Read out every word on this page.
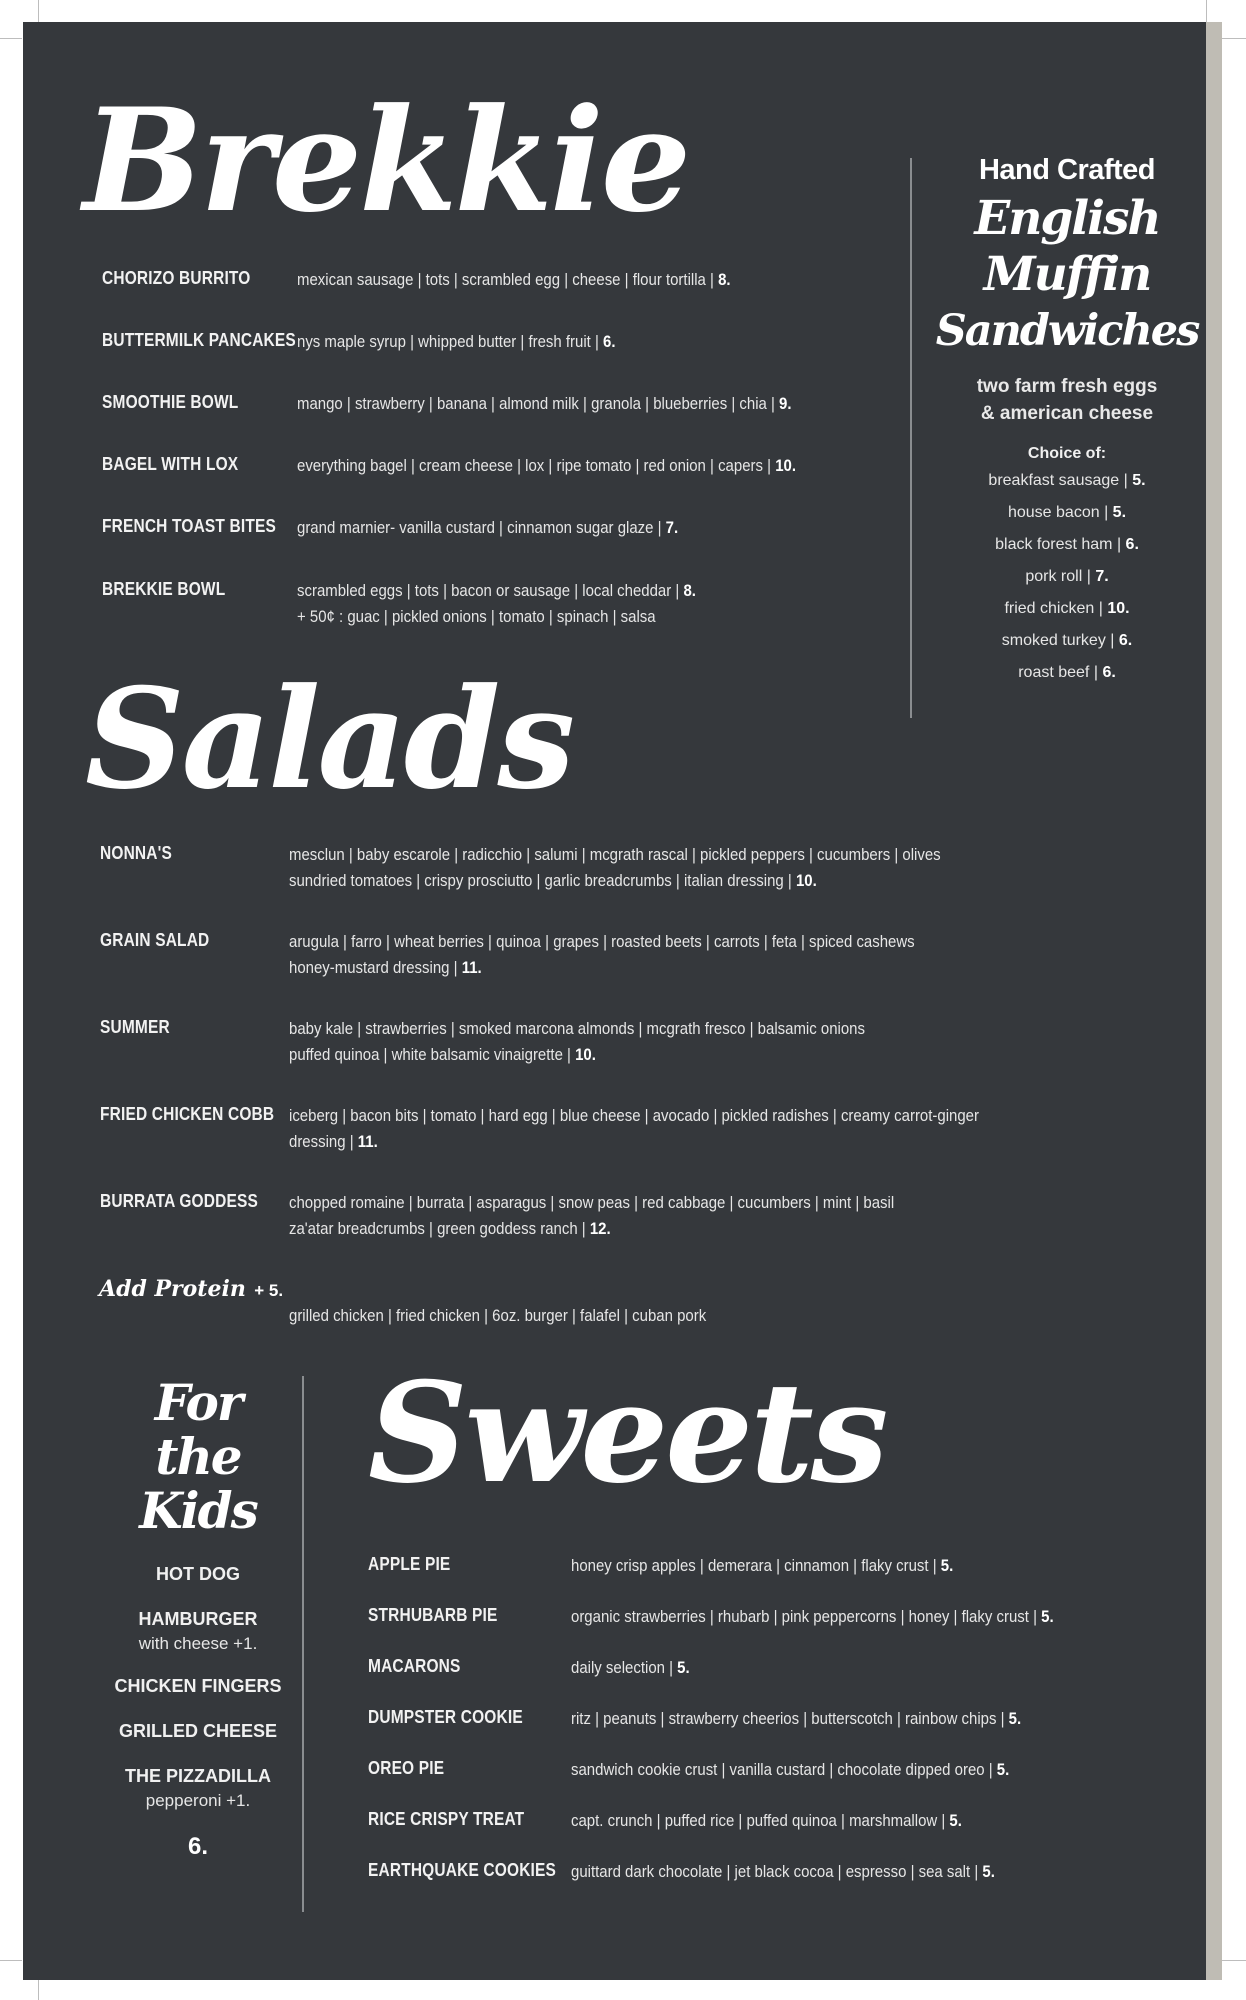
Brekkie
CHORIZO BURRITO	mexican sausage | tots | scrambled egg | cheese | flour tortilla | 8.
BUTTERMILK PANCAKES nys maple syrup | whipped butter | fresh fruit | 6.
SMOOTHIE BOWL	mango | strawberry | banana | almond milk | granola | blueberries | chia | 9.
BAGEL WITH LOX	everything bagel | cream cheese | lox | ripe tomato | red onion | capers | 10.
FRENCH TOAST BITES grand marnier- vanilla custard | cinnamon sugar glaze | 7.
BREKKIE BOWL	scrambled eggs | tots | bacon or sausage | local cheddar | 8.
+ 50¢ : guac | pickled onions | tomato | spinach | salsa
Hand Crafted

English

Muffin

Sandwiches

two farm fresh eggs
& american cheese
Choice of:
breakfast sausage | 5.
house bacon | 5.
black forest ham | 6.
pork roll | 7.
fried chicken | 10.
smoked turkey | 6.
roast beef | 6.
Salads
NONNA'S	mesclun | baby escarole | radicchio | salumi | mcgrath rascal | pickled peppers | cucumbers | olives
sundried tomatoes | crispy prosciutto | garlic breadcrumbs | italian dressing | 10.
GRAIN SALAD	arugula | farro | wheat berries | quinoa | grapes | roasted beets | carrots | feta | spiced cashews
honey-mustard dressing | 11.
SUMMER	baby kale | strawberries | smoked marcona almonds | mcgrath fresco | balsamic onions
puffed quinoa | white balsamic vinaigrette | 10.
FRIED CHICKEN COBB iceberg | bacon bits | tomato | hard egg | blue cheese | avocado | pickled radishes | creamy carrot-ginger
dressing | 11.
BURRATA GODDESS chopped romaine | burrata | asparagus | snow peas | red cabbage | cucumbers | mint | basil
za'atar breadcrumbs | green goddess ranch | 12.
Add Protein + 5.
grilled chicken | fried chicken | 6oz. burger | falafel | cuban pork

For

the

Kids

HOT DOG
HAMBURGER
with cheese +1.
CHICKEN FINGERS
GRILLED CHEESE
THE PIZZADILLA
pepperoni +1.
6.
Sweets
APPLE PIE	honey crisp apples | demerara | cinnamon | flaky crust | 5.
STRHUBARB PIE	organic strawberries | rhubarb | pink peppercorns | honey | flaky crust | 5.
MACARONS	daily selection | 5.
DUMPSTER COOKIE	ritz | peanuts | strawberry cheerios | butterscotch | rainbow chips | 5.
OREO PIE	sandwich cookie crust | vanilla custard | chocolate dipped oreo | 5.
RICE CRISPY TREAT	capt. crunch | puffed rice | puffed quinoa | marshmallow | 5.
EARTHQUAKE COOKIES guittard dark chocolate | jet black cocoa | espresso | sea salt | 5.
